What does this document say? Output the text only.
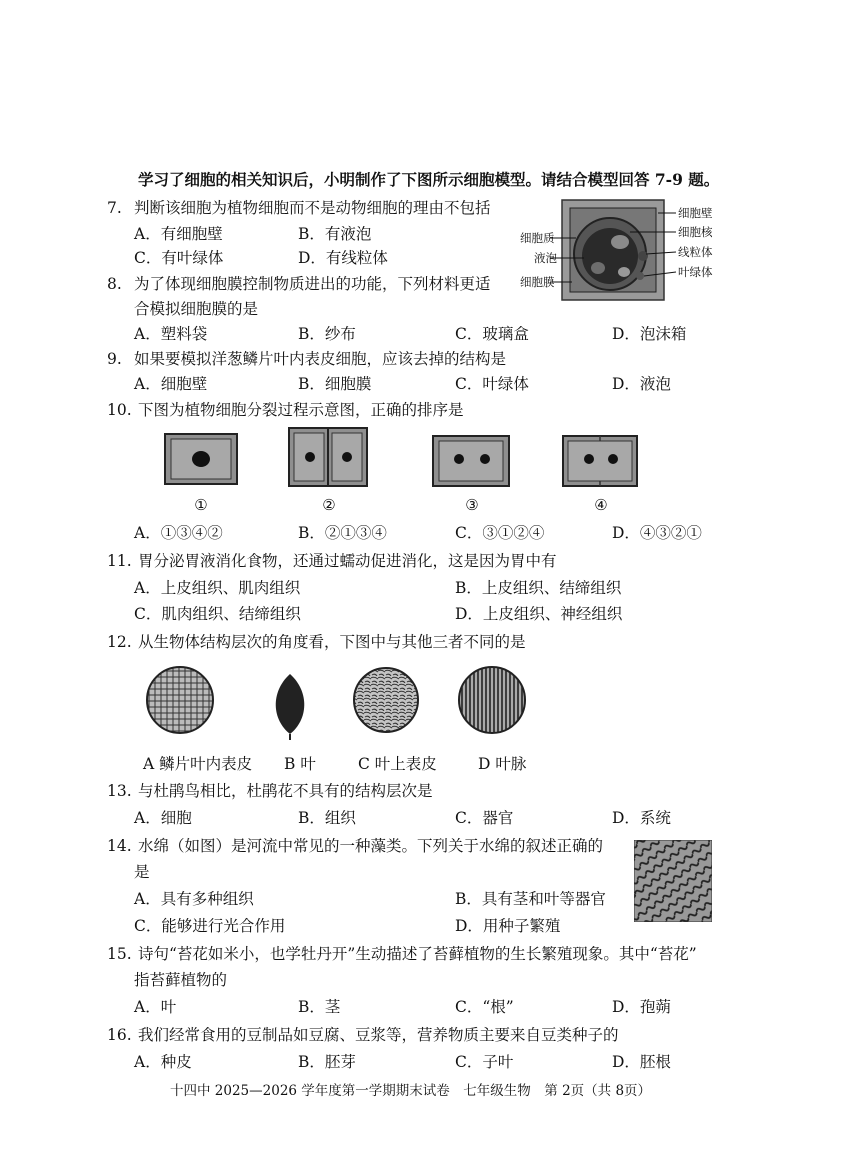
学习了细胞的相关知识后，小明制作了下图所示细胞模型。请结合模型回答 7-9 题。
7. 判断该细胞为植物细胞而不是动物细胞的理由不包括
A．有细胞壁	B．有液泡
C．有叶绿体	D．有线粒体
细胞壁
细胞核
细胞质
液泡	线粒体
叶绿体
细胞膜
8. 为了体现细胞膜控制物质进出的功能，下列材料更适
合模拟细胞膜的是
A．塑料袋	B．纱布	C．玻璃盒	D．泡沫箱
9. 如果要模拟洋葱鳞片叶内表皮细胞，应该去掉的结构是
A．细胞壁	B．细胞膜	C．叶绿体	D．液泡
10. 下图为植物细胞分裂过程示意图，正确的排序是
①	②	③	④
A．①③④②	B．②①③④	C．③①②④	D．④③②①
11. 胃分泌胃液消化食物，还通过蠕动促进消化，这是因为胃中有
A．上皮组织、肌肉组织	B．上皮组织、结缔组织
C．肌肉组织、结缔组织	D．上皮组织、神经组织
12. 从生物体结构层次的角度看，下图中与其他三者不同的是
A 鳞片叶内表皮 B 叶	C 叶上表皮	D 叶脉
13. 与杜鹃鸟相比，杜鹃花不具有的结构层次是
A．细胞	B．组织	C．器官	D．系统
14. 水绵（如图）是河流中常见的一种藻类。下列关于水绵的叙述正确的
是
A．具有多种组织	B．具有茎和叶等器官
C．能够进行光合作用	D．用种子繁殖
15. 诗句“苔花如米小，也学牡丹开”生动描述了苔藓植物的生长繁殖现象。其中“苔花”
指苔藓植物的
A．叶	B．茎	C．“根”	D．孢蒴
16. 我们经常食用的豆制品如豆腐、豆浆等，营养物质主要来自豆类种子的
A．种皮	B．胚芽	C．子叶	D．胚根
十四中 2025—2026 学年度第一学期期末试卷　七年级生物　第 2页（共 8页）
